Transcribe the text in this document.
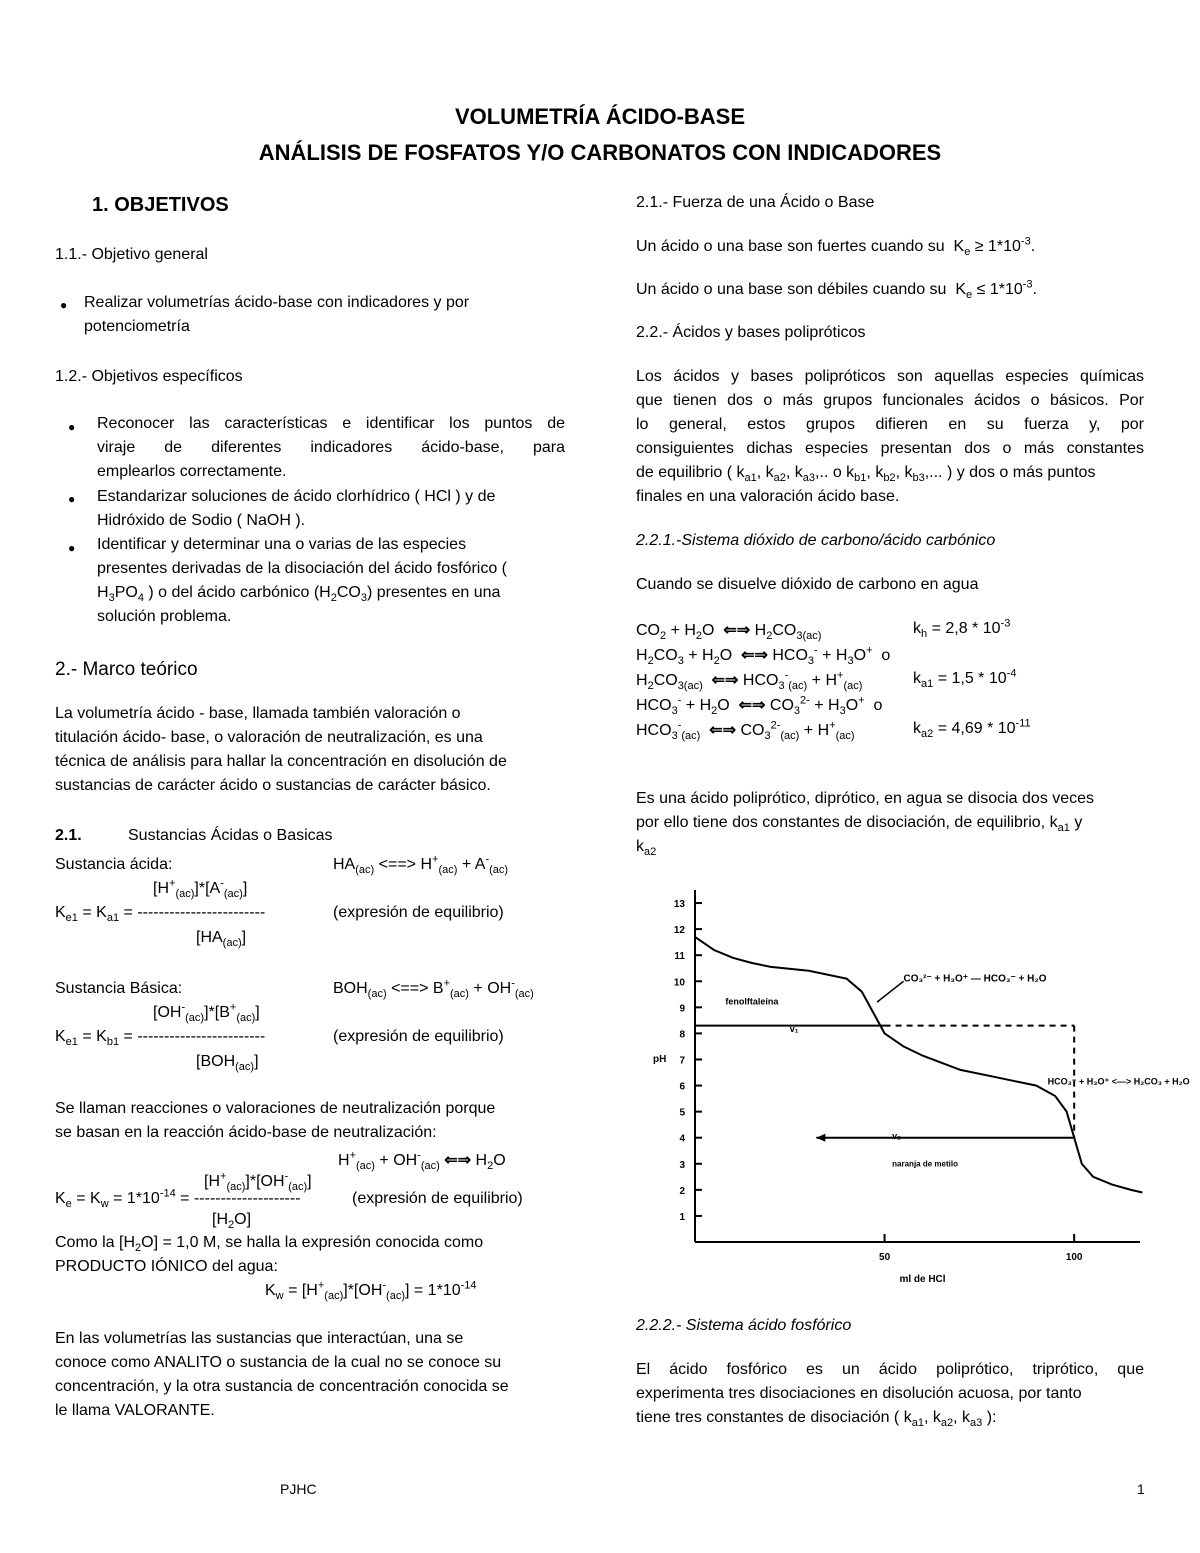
VOLUMETRÍA ÁCIDO-BASE
ANÁLISIS DE FOSFATOS Y/O CARBONATOS CON INDICADORES
1. OBJETIVOS
1.1.- Objetivo general
● Realizar volumetrías ácido-base con indicadores y por
potenciometría
1.2.- Objetivos específicos
● Reconocer las características e identificar los puntos de
viraje de diferentes indicadores ácido-base, para
emplearlos correctamente.
● Estandarizar soluciones de ácido clorhídrico ( HCl ) y de
Hidróxido de Sodio ( NaOH ).
● Identificar y determinar una o varias de las especies
presentes derivadas de la disociación del ácido fosfórico (
$H_3PO_4$ ) o del ácido carbónico $(H_2CO_3)$ presentes en una
solución problema.
2.- Marco teórico
La volumetría ácido - base, llamada también valoración o
titulación ácido- base, o valoración de neutralización, es una
técnica de análisis para hallar la concentración en disolución de
sustancias de carácter ácido o sustancias de carácter básico.
2.1.	Sustancias Ácidas o Basicas
Sustancia ácida:	$HA_{(ac)}$ <==> $H^+_{(ac)} + A^-_{(ac)}$
$[H^+_{(ac)}]*[A^-_{(ac)}]$
$K_{e1} = K_{a1}$ = ------------------------	(expresión de equilibrio)
$[HA_{(ac)}]$
Sustancia Básica:	$BOH_{(ac)}$ <==> $B^+_{(ac)} + OH^-_{(ac)}$
$[OH^-_{(ac)}]*[B^+_{(ac)}]$
$K_{e1} = K_{b1}$ = ------------------------	(expresión de equilibrio)
$[BOH_{(ac)}]$
Se llaman reacciones o valoraciones de neutralización porque
se basan en la reacción ácido-base de neutralización:
$H^+_{(ac)} + OH^-_{(ac)}$ ⇐⇒ $H_2O$
$[H^+_{(ac)}]*[OH^-_{(ac)}]$
$K_e = K_w = 1*10^{-14}$ = --------------------	(expresión de equilibrio)
$[H_2O]$
Como la $[H_2O] = 1,0$ M, se halla la expresión conocida como
PRODUCTO IÓNICO del agua:
$K_w = [H^+_{(ac)}]*[OH^-_{(ac)}] = 1*10^{-14}$
En las volumetrías las sustancias que interactúan, una se
conoce como ANALITO o sustancia de la cual no se conoce su
concentración, y la otra sustancia de concentración conocida se
le llama VALORANTE.
2.1.- Fuerza de una Ácido o Base
Un ácido o una base son fuertes cuando su  $K_e \ge 1*10^{-3}$.
Un ácido o una base son débiles cuando su  $K_e \le 1*10^{-3}$.
2.2.- Ácidos y bases polipróticos
Los ácidos y bases polipróticos son aquellas especies químicas
que tienen dos o más grupos funcionales ácidos o básicos. Por
lo general, estos grupos difieren en su fuerza y, por
consiguientes dichas especies presentan dos o más constantes
de equilibrio ( $k_{a1}$, $k_{a2}$, $k_{a3}$,.. o $k_{b1}$, $k_{b2}$, $k_{b3}$,... ) y dos o más puntos
finales en una valoración ácido base.
2.2.1.-Sistema dióxido de carbono/ácido carbónico
Cuando se disuelve dióxido de carbono en agua
$CO_2 + H_2O$  ⇐⇒ $H_2CO_{3(ac)}$	$k_h = 2,8 * 10^{-3}$
$H_2CO_3 + H_2O$  ⇐⇒ $HCO_3^- + H_3O^+$ o
$H_2CO_{3(ac)}$ ⇐⇒ $HCO_3^-_{(ac)} + H^+_{(ac)}$	$k_{a1} = 1,5 * 10^{-4}$
$HCO_3^- + H_2O$  ⇐⇒ $CO_3^{2-} + H_3O^+$ o
$HCO_3^-_{(ac)}$ ⇐⇒ $CO_3^{2-}_{(ac)} + H^+_{(ac)}$	$k_{a2} = 4,69 * 10^{-11}$
Es una ácido poliprótico, diprótico, en agua se disocia dos veces
por ello tiene dos constantes de disociación, de equilibrio, $k_{a1}$ y
$k_{a2}$
1
2
3
4
5
6
7
8
9
10
11
12
13
50	100
ml de HCl
pH
CO₃²⁻ + H₃O⁺ — HCO₃⁻ + H₂O
HCO₃⁻ + H₃O⁺ <—> H₂CO₃ + H₂O
fenolftaleína
v₁
v₂
naranja de metilo
2.2.2.- Sistema ácido fosfórico
El ácido fosfórico es un ácido poliprótico, triprótico, que
experimenta tres disociaciones en disolución acuosa, por tanto
tiene tres constantes de disociación ( $k_{a1}$, $k_{a2}$, $k_{a3}$ ):
PJHC	1
